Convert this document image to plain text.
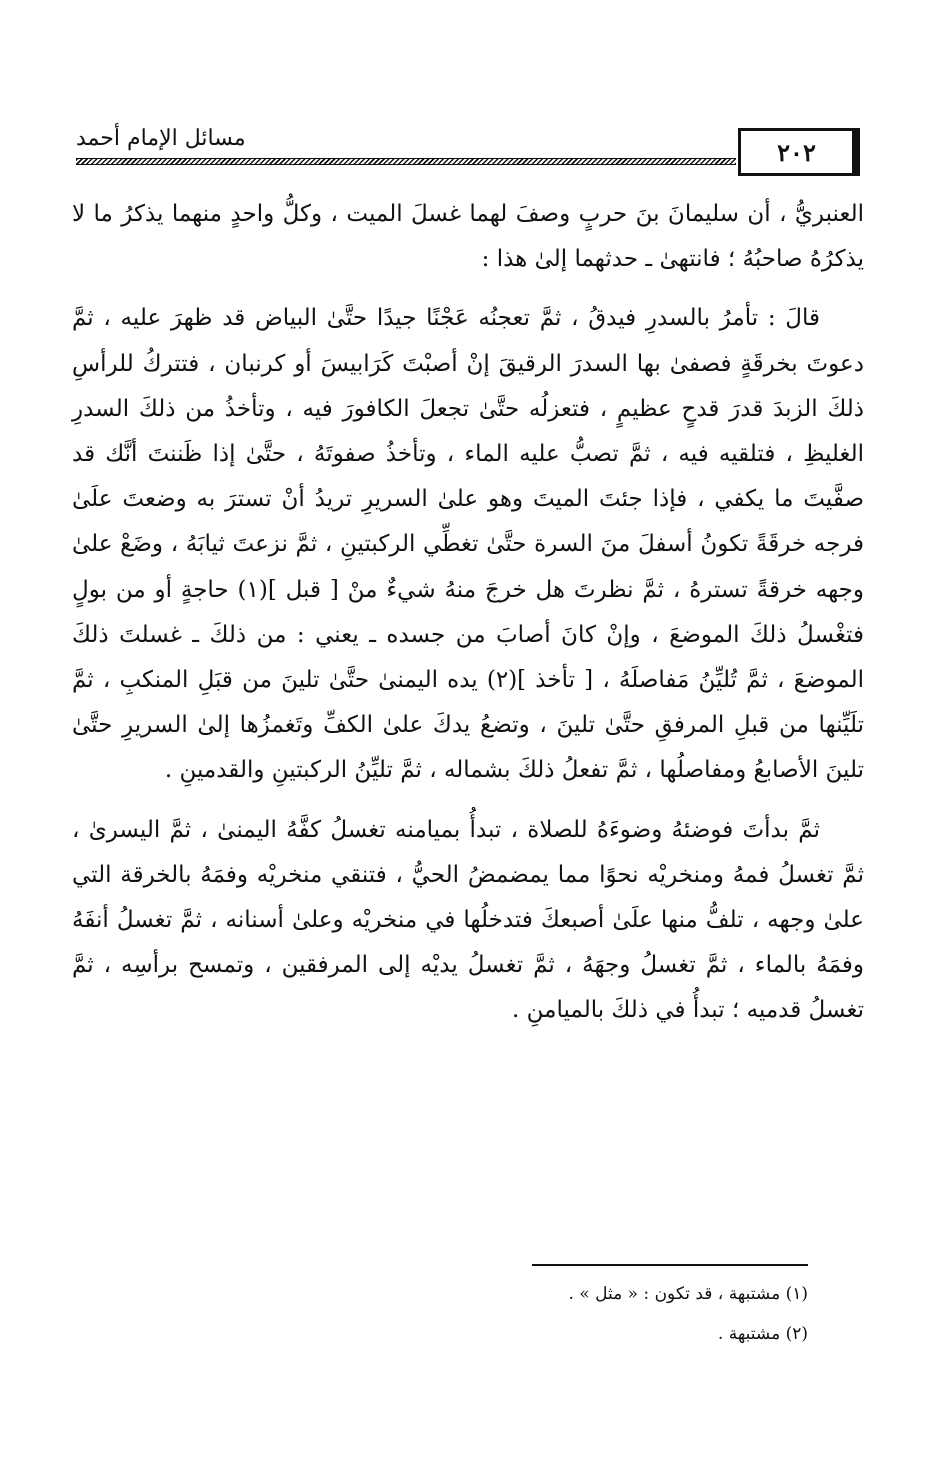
٢٠٢
مسائل الإمام أحمد

العنبريُّ ، أن سليمانَ بنَ حربٍ وصفَ لهما غسلَ الميت ، وكلُّ واحدٍ منهما يذكرُ ما لا يذكرُهُ صاحبُهُ ؛ فانتهىٰ ـ حدثهما إلىٰ هذا :

قالَ : تأمرُ بالسدرِ فيدقُ ، ثمَّ تعجنُه عَجْنًا جيدًا حتَّىٰ البياض قد ظهرَ عليه ، ثمَّ دعوتَ بخرقَةٍ فصفىٰ بها السدرَ الرقيقَ إنْ أصبْتَ كَرَابيسَ أو كرنبان ، فتتركُ للرأسِ ذلكَ الزبدَ قدرَ قدحٍ عظيمٍ ، فتعزلُه حتَّىٰ تجعلَ الكافورَ فيه ، وتأخذُ من ذلكَ السدرِ الغليظِ ، فتلقيه فيه ، ثمَّ تصبُّ عليه الماء ، وتأخذُ صفوتَهُ ، حتَّىٰ إذا ظَننتَ أنَّك قد صفَّيتَ ما يكفي ، فإذا جئتَ الميتَ وهو علىٰ السريرِ تريدُ أنْ تسترَ به وضعتَ علَىٰ فرجه خرقَةً تكونُ أسفلَ منَ السرة حتَّىٰ تغطِّي الركبتينِ ، ثمَّ نزعتَ ثيابَهُ ، وضَعْ علىٰ وجهه خرقةً تسترهُ ، ثمَّ نظرتَ هل خرجَ منهُ شيءٌ منْ [ قبل ](١) حاجةٍ أو من بولٍ فتغْسلُ ذلكَ الموضعَ ، وإنْ كانَ أصابَ من جسده ـ يعني : من ذلكَ ـ غسلتَ ذلكَ الموضعَ ، ثمَّ تُليِّنُ مَفاصلَهُ ، [ تأخذ ](٢) يده اليمنىٰ حتَّىٰ تلينَ من قبَلِ المنكبِ ، ثمَّ تلَيِّنها من قبلِ المرفقِ حتَّىٰ تلينَ ، وتضعُ يدكَ علىٰ الكفِّ وتَغمزُها إلىٰ السريرِ حتَّىٰ تلينَ الأصابعُ ومفاصلُها ، ثمَّ تفعلُ ذلكَ بشماله ، ثمَّ تليِّنُ الركبتينِ والقدمينِ .

ثمَّ بدأتَ فوضئهُ وضوءَهُ للصلاة ، تبدأُ بميامنه تغسلُ كفَّهُ اليمنىٰ ، ثمَّ اليسرىٰ ، ثمَّ تغسلُ فمهُ ومنخريْه نحوًا مما يمضمضُ الحيُّ ، فتنقي منخريْه وفمَهُ بالخرقة التي علىٰ وجهه ، تلفُّ منها علَىٰ أصبعكَ فتدخلُها في منخريْه وعلىٰ أسنانه ، ثمَّ تغسلُ أنفَهُ وفمَهُ بالماء ، ثمَّ تغسلُ وجهَهُ ، ثمَّ تغسلُ يديْه إلى المرفقين ، وتمسح برأسِه ، ثمَّ تغسلُ قدميه ؛ تبدأُ في ذلكَ بالميامنِ .

(١) مشتبهة ، قد تكون : « مثل » .
(٢) مشتبهة .
